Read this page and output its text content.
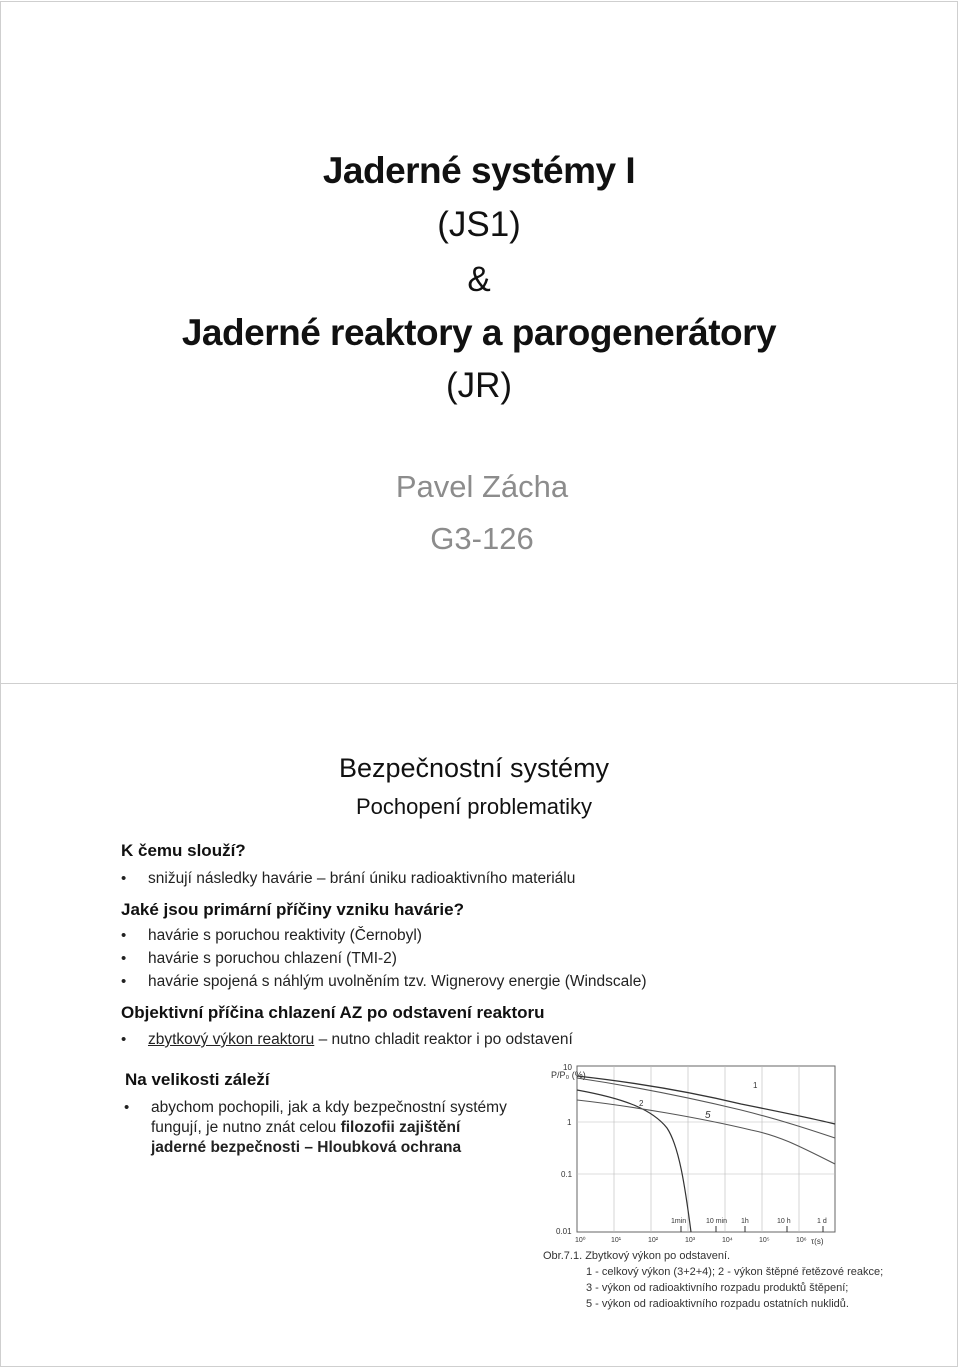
Jaderné systémy I
(JS1)
&
Jaderné reaktory a parogenerátory
(JR)
Pavel Zácha
G3-126
Bezpečnostní systémy
Pochopení problematiky
K čemu slouží?
• snižují následky havárie – brání úniku radioaktivního materiálu
Jaké jsou primární příčiny vzniku havárie?
• havárie s poruchou reaktivity (Černobyl)
• havárie s poruchou chlazení (TMI-2)
• havárie spojená s náhlým uvolněním tzv. Wignerovy energie (Windscale)
Objektivní příčina chlazení AZ po odstavení reaktoru
• zbytkový výkon reaktoru – nutno chladit reaktor i po odstavení
Na velikosti záleží
• abychom pochopili, jak a kdy bezpečnostní systémy
fungují, je nutno znát celou filozofii zajištění
jaderné bezpečnosti – Hloubková ochrana
P/P₀ (%)
10
1
0.1
0.01
10⁰	10¹	10²	10³	10⁴	10⁵	10⁶
1min	10 min 1h	10 h	1 d
τ(s)
1
2
5
Obr.7.1. Zbytkový výkon po odstavení.
1 - celkový výkon (3+2+4); 2 - výkon štěpné řetězové reakce;
3 - výkon od radioaktivního rozpadu produktů štěpení;
5 - výkon od radioaktivního rozpadu ostatních nuklidů.
